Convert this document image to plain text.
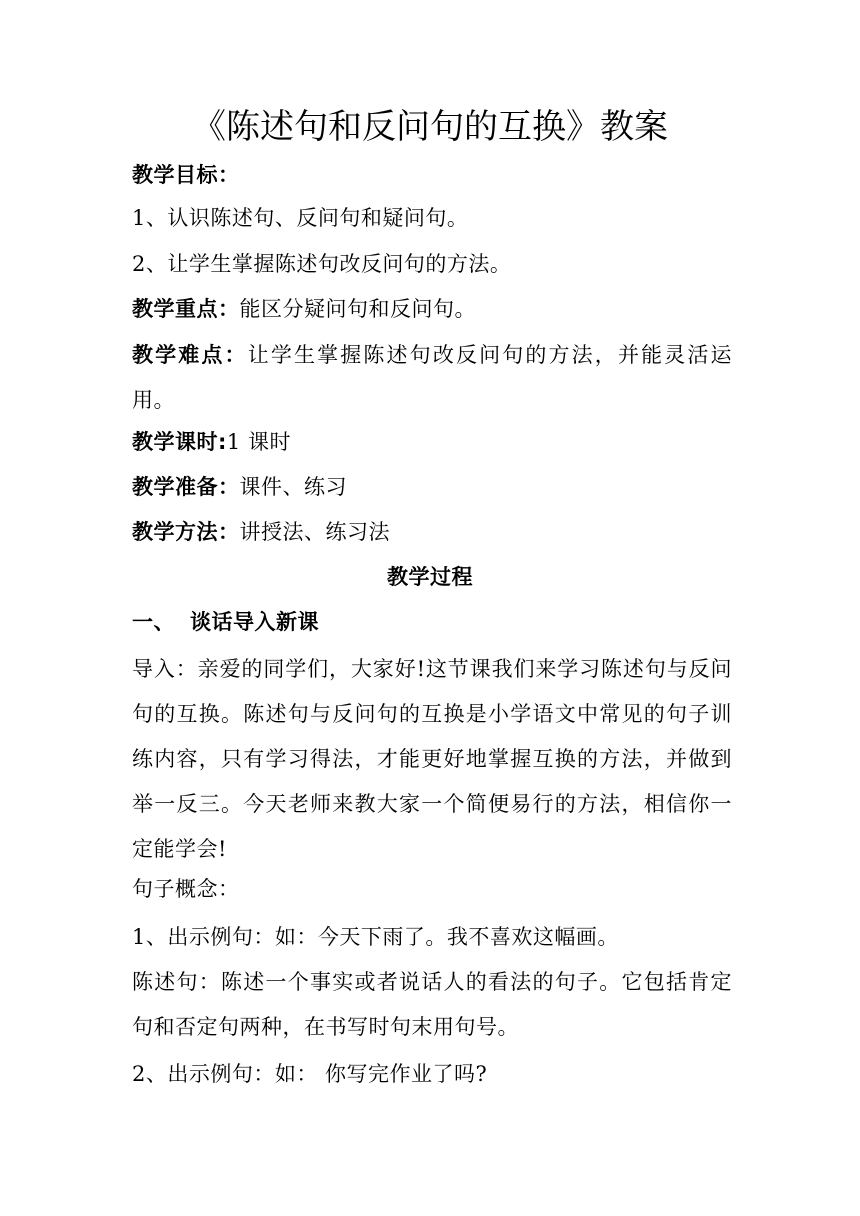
《陈述句和反问句的互换》教案
教学目标：
1、认识陈述句、反问句和疑问句。
2、让学生掌握陈述句改反问句的方法。
教学重点：能区分疑问句和反问句。
教学难点：让学生掌握陈述句改反问句的方法，并能灵活运用。
教学课时:1 课时
教学准备：课件、练习
教学方法：讲授法、练习法
教学过程
一、 谈话导入新课
导入：亲爱的同学们，大家好!这节课我们来学习陈述句与反问句的互换。陈述句与反问句的互换是小学语文中常见的句子训练内容，只有学习得法，才能更好地掌握互换的方法，并做到举一反三。今天老师来教大家一个简便易行的方法，相信你一定能学会!
句子概念：
1、出示例句：如：今天下雨了。我不喜欢这幅画。
陈述句：陈述一个事实或者说话人的看法的句子。它包括肯定句和否定句两种，在书写时句末用句号。
2、出示例句：如： 你写完作业了吗?
